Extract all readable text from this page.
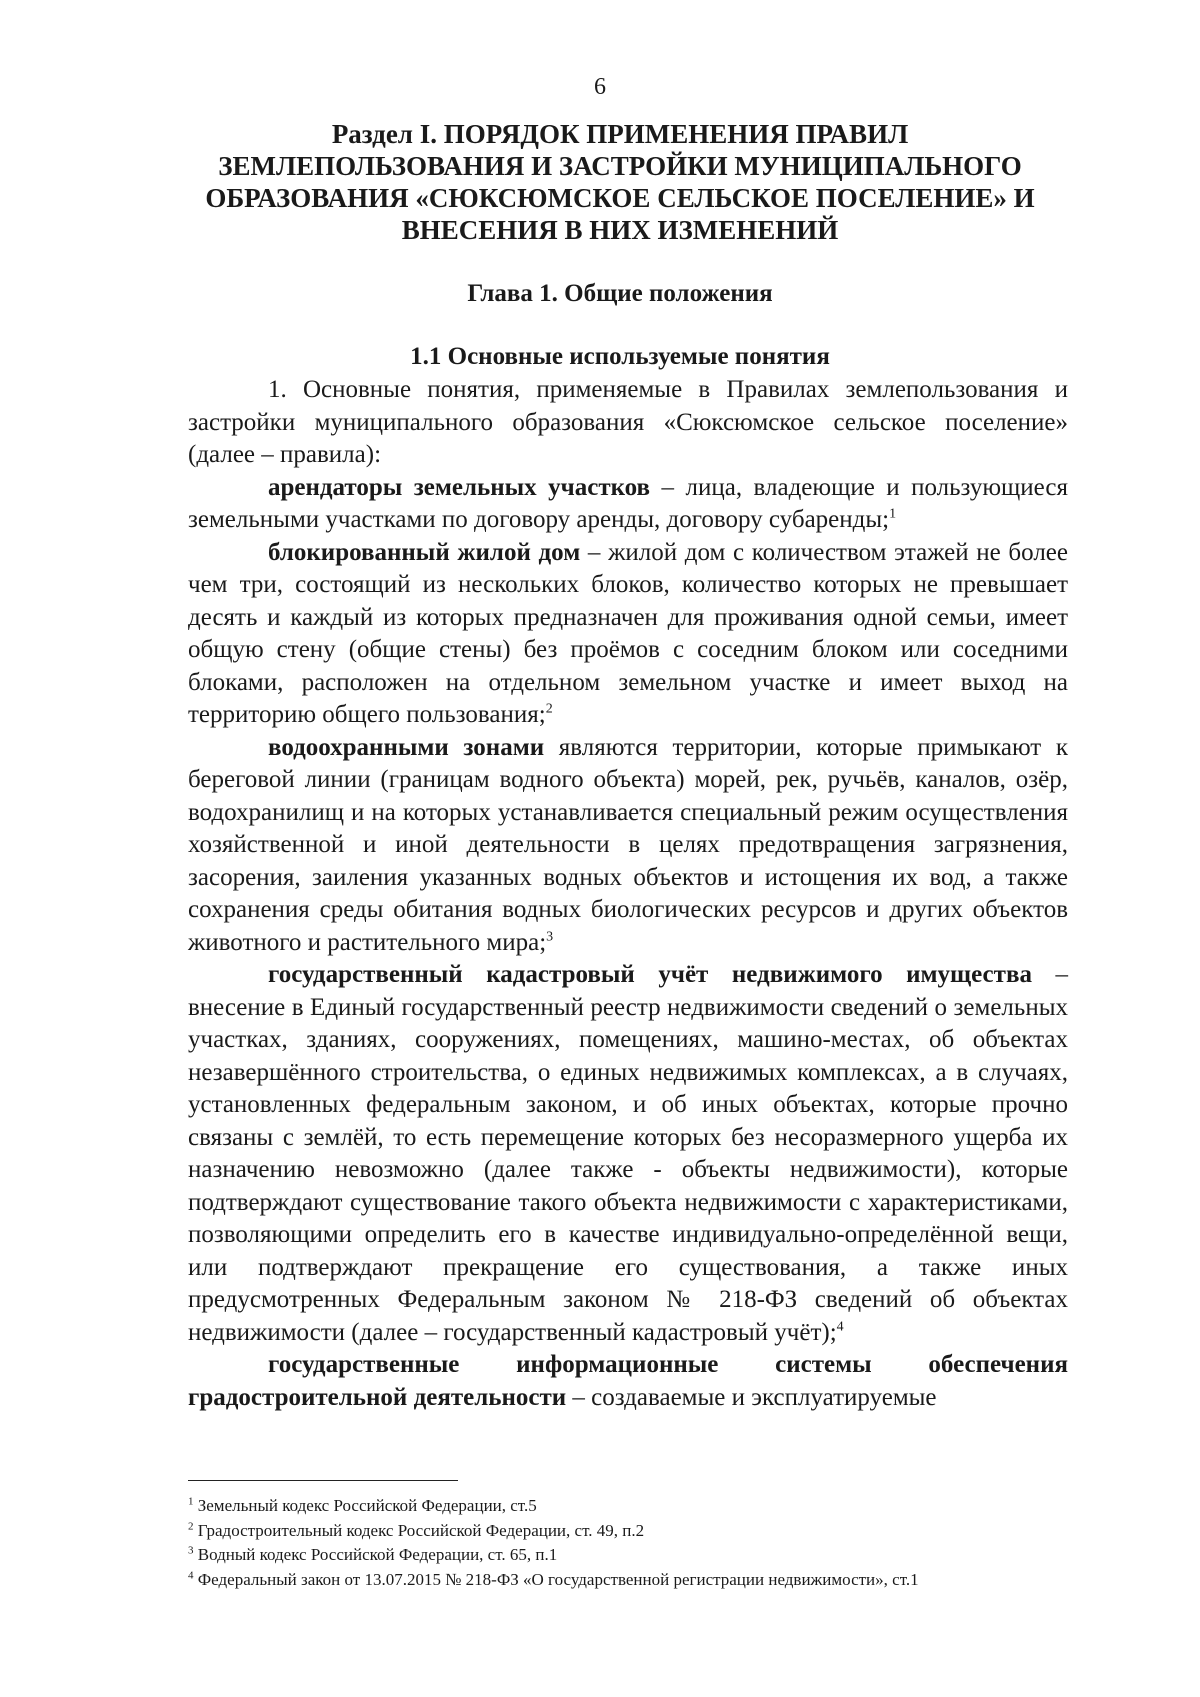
6
Раздел I. ПОРЯДОК ПРИМЕНЕНИЯ ПРАВИЛ ЗЕМЛЕПОЛЬЗОВАНИЯ И ЗАСТРОЙКИ МУНИЦИПАЛЬНОГО ОБРАЗОВАНИЯ «СЮКСЮМСКОЕ СЕЛЬСКОЕ ПОСЕЛЕНИЕ» И ВНЕСЕНИЯ В НИХ ИЗМЕНЕНИЙ
Глава 1. Общие положения
1.1 Основные используемые понятия

1. Основные понятия, применяемые в Правилах землепользования и застройки муниципального образования «Сюксюмское сельское поселение» (далее – правила):

арендаторы земельных участков – лица, владеющие и пользующиеся земельными участками по договору аренды, договору субаренды;$^1$

блокированный жилой дом – жилой дом с количеством этажей не более чем три, состоящий из нескольких блоков, количество которых не превышает десять и каждый из которых предназначен для проживания одной семьи, имеет общую стену (общие стены) без проёмов с соседним блоком или соседними блоками, расположен на отдельном земельном участке и имеет выход на территорию общего пользования;$^2$

водоохранными зонами являются территории, которые примыкают к береговой линии (границам водного объекта) морей, рек, ручьёв, каналов, озёр, водохранилищ и на которых устанавливается специальный режим осуществления хозяйственной и иной деятельности в целях предотвращения загрязнения, засорения, заиления указанных водных объектов и истощения их вод, а также сохранения среды обитания водных биологических ресурсов и других объектов животного и растительного мира;$^3$

государственный кадастровый учёт недвижимого имущества – внесение в Единый государственный реестр недвижимости сведений о земельных участках, зданиях, сооружениях, помещениях, машино-местах, об объектах незавершённого строительства, о единых недвижимых комплексах, а в случаях, установленных федеральным законом, и об иных объектах, которые прочно связаны с землёй, то есть перемещение которых без несоразмерного ущерба их назначению невозможно (далее также - объекты недвижимости), которые подтверждают существование такого объекта недвижимости с характеристиками, позволяющими определить его в качестве индивидуально-определённой вещи, или подтверждают прекращение его существования, а также иных предусмотренных Федеральным законом № 218-ФЗ сведений об объектах недвижимости (далее – государственный кадастровый учёт);$^4$

государственные информационные системы обеспечения градостроительной деятельности – создаваемые и эксплуатируемые

$^1$ Земельный кодекс Российской Федерации, ст.5
$^2$ Градостроительный кодекс Российской Федерации, ст. 49, п.2
$^3$ Водный кодекс Российской Федерации, ст. 65, п.1
$^4$ Федеральный закон от 13.07.2015 № 218-ФЗ «О государственной регистрации недвижимости», ст.1
